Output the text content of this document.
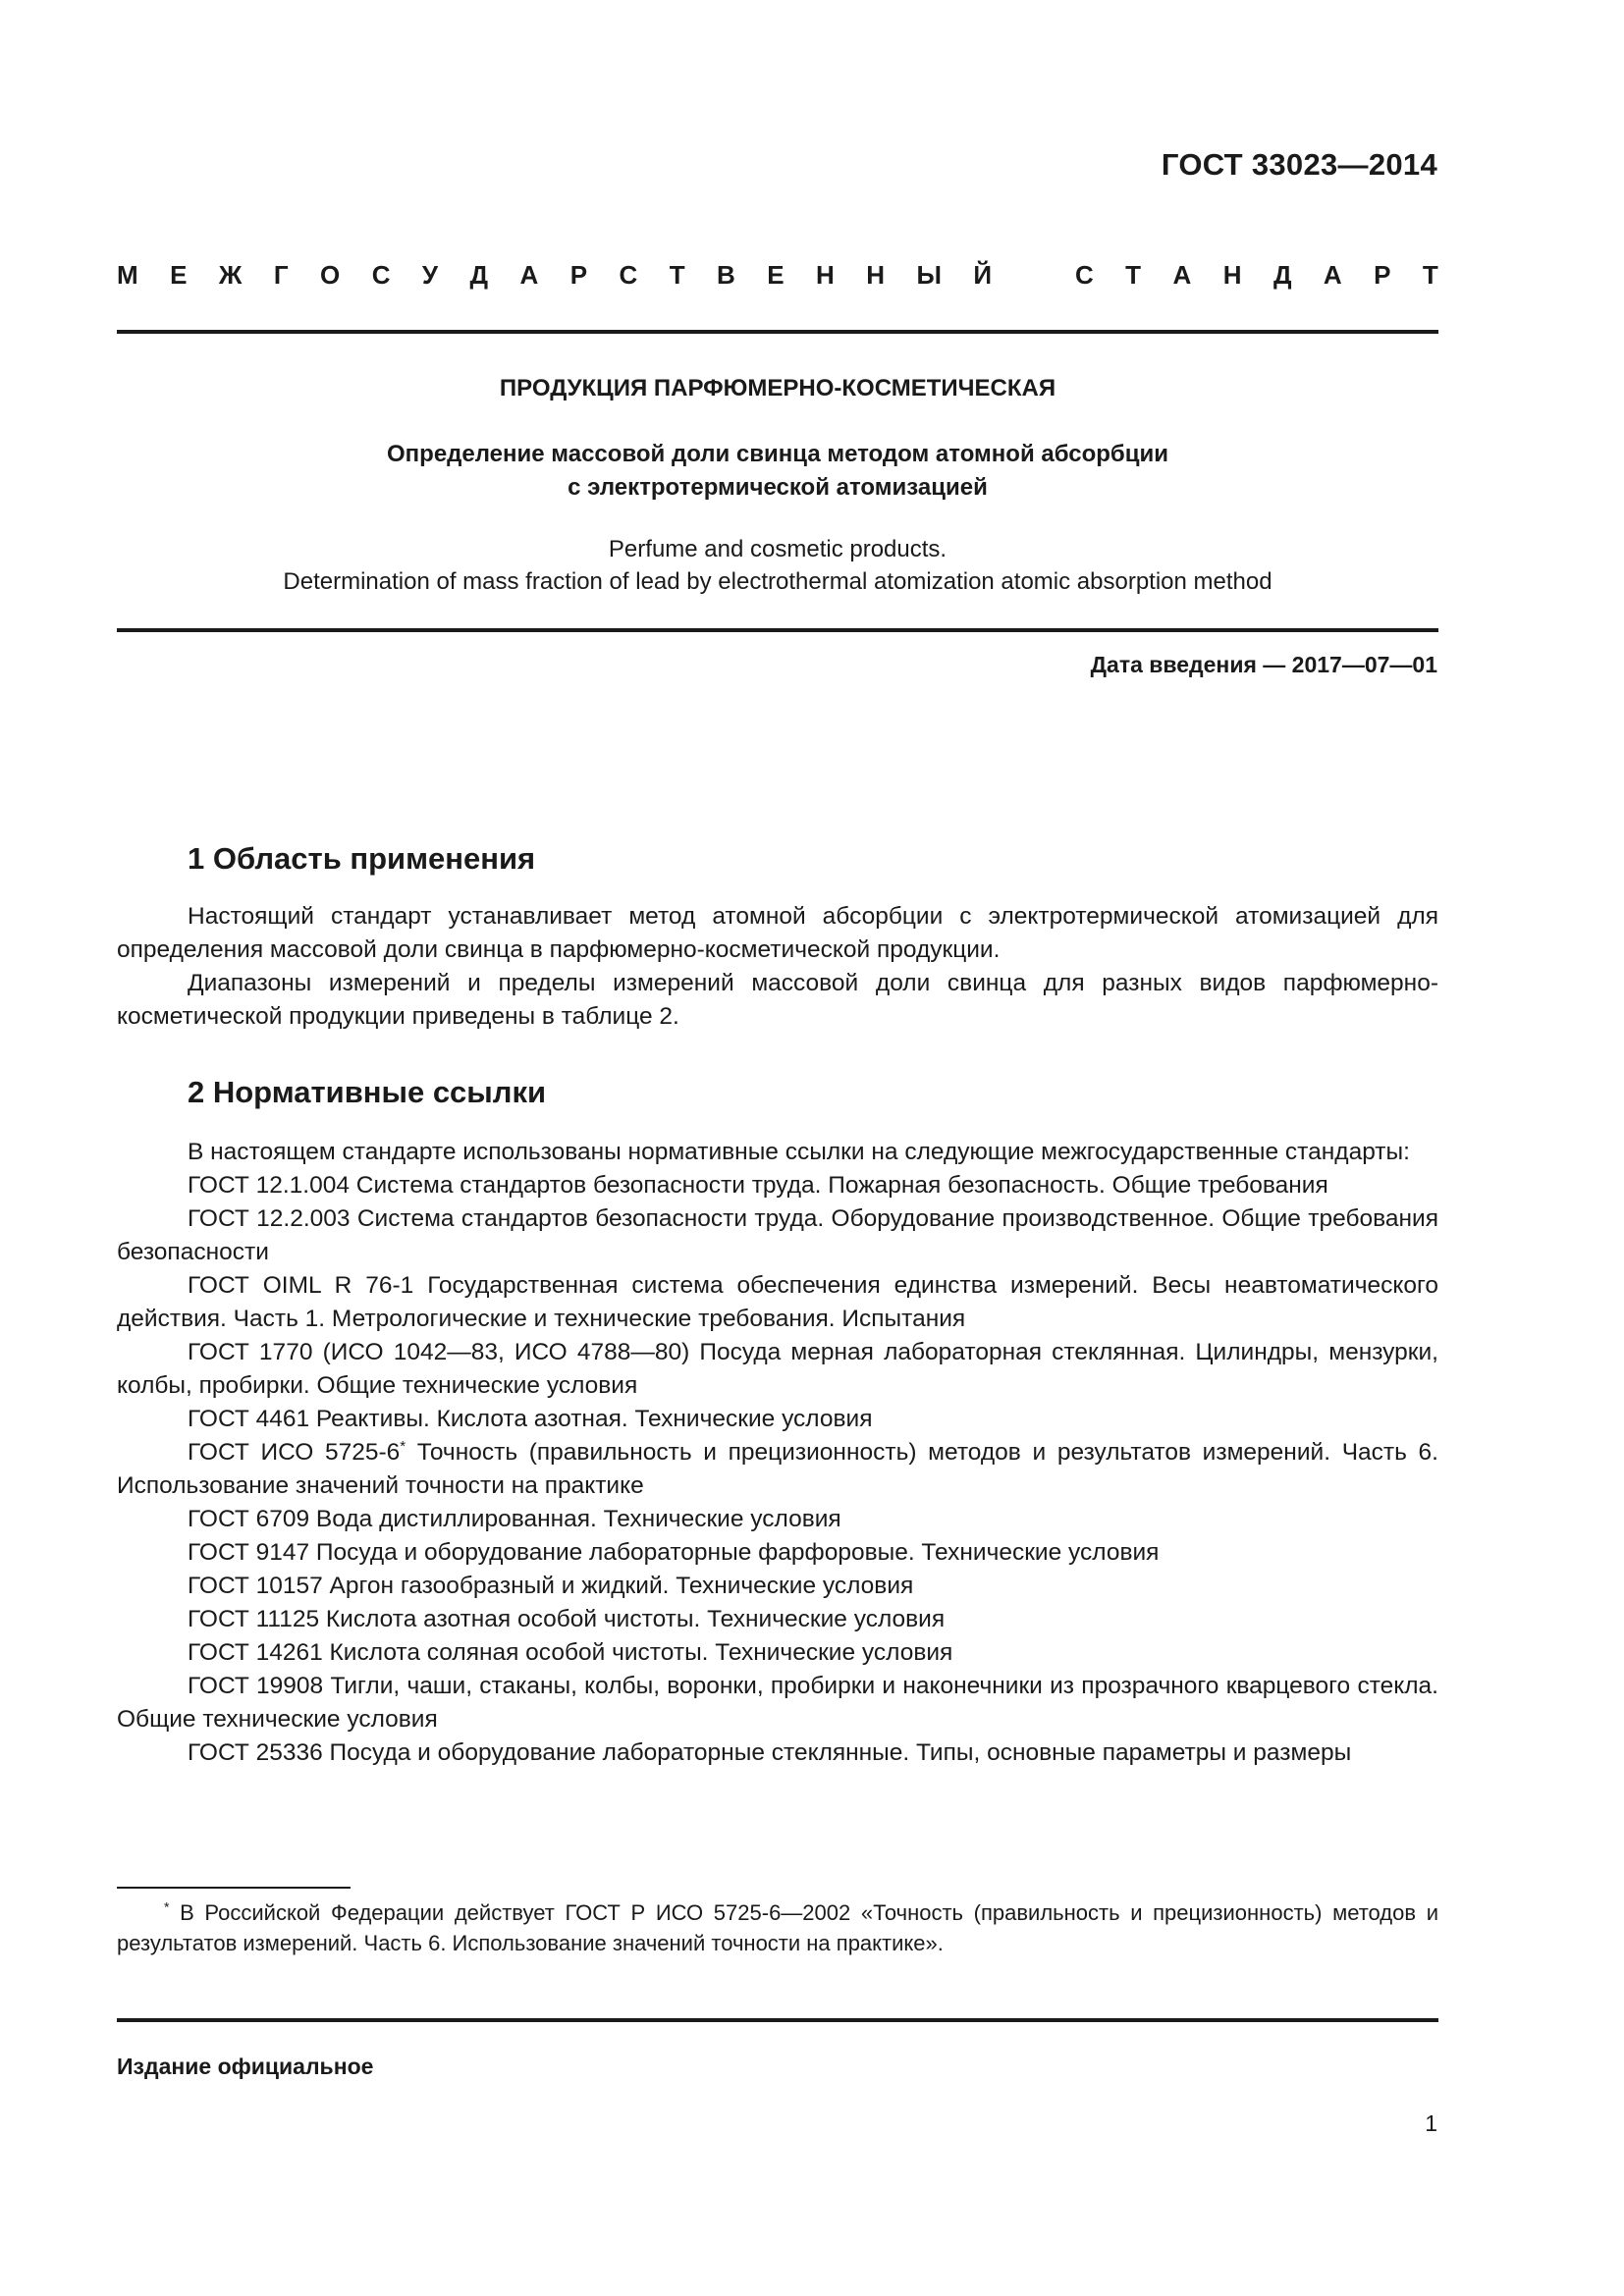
ГОСТ 33023—2014
М Е Ж Г О С У Д А Р С Т В Е Н Н Ы Й	С Т А Н Д А Р Т
ПРОДУКЦИЯ ПАРФЮМЕРНО-КОСМЕТИЧЕСКАЯ
Определение массовой доли свинца методом атомной абсорбции
с электротермической атомизацией
Perfume and cosmetic products.
Determination of mass fraction of lead by electrothermal atomization atomic absorption method
Дата введения — 2017—07—01
1 Область применения

Настоящий стандарт устанавливает метод атомной абсорбции с электротермической атомизацией для определения массовой доли свинца в парфюмерно-косметической продукции.

Диапазоны измерений и пределы измерений массовой доли свинца для разных видов парфюмерно-косметической продукции приведены в таблице 2.

2 Нормативные ссылки

В настоящем стандарте использованы нормативные ссылки на следующие межгосударственные стандарты:

ГОСТ 12.1.004 Система стандартов безопасности труда. Пожарная безопасность. Общие требования

ГОСТ 12.2.003 Система стандартов безопасности труда. Оборудование производственное. Общие требования безопасности

ГОСТ OIML R 76-1 Государственная система обеспечения единства измерений. Весы неавтоматического действия. Часть 1. Метрологические и технические требования. Испытания

ГОСТ 1770 (ИСО 1042—83, ИСО 4788—80) Посуда мерная лабораторная стеклянная. Цилиндры, мензурки, колбы, пробирки. Общие технические условия

ГОСТ 4461 Реактивы. Кислота азотная. Технические условия

ГОСТ ИСО 5725-6* Точность (правильность и прецизионность) методов и результатов измерений. Часть 6. Использование значений точности на практике

ГОСТ 6709 Вода дистиллированная. Технические условия

ГОСТ 9147 Посуда и оборудование лабораторные фарфоровые. Технические условия

ГОСТ 10157 Аргон газообразный и жидкий. Технические условия

ГОСТ 11125 Кислота азотная особой чистоты. Технические условия

ГОСТ 14261 Кислота соляная особой чистоты. Технические условия

ГОСТ 19908 Тигли, чаши, стаканы, колбы, воронки, пробирки и наконечники из прозрачного кварцевого стекла. Общие технические условия

ГОСТ 25336 Посуда и оборудование лабораторные стеклянные. Типы, основные параметры и размеры

* В Российской Федерации действует ГОСТ Р ИСО 5725-6—2002 «Точность (правильность и прецизионность) методов и результатов измерений. Часть 6. Использование значений точности на практике».
Издание официальное
1
